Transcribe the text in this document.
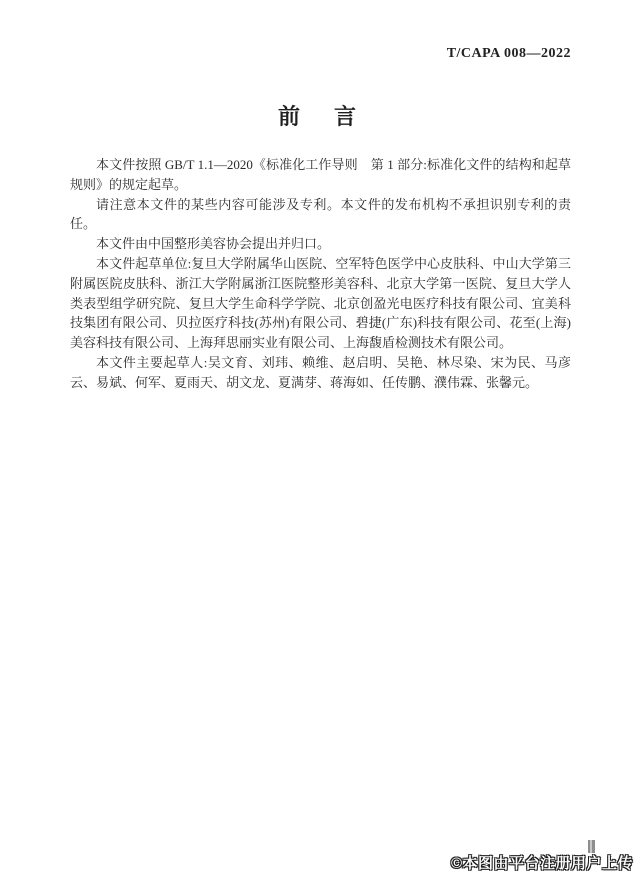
T/CAPA 008—2022
前　言

本文件按照 GB/T 1.1—2020《标准化工作导则　第 1 部分:标准化文件的结构和起草规则》的规定起草。

请注意本文件的某些内容可能涉及专利。本文件的发布机构不承担识别专利的责任。

本文件由中国整形美容协会提出并归口。

本文件起草单位:复旦大学附属华山医院、空军特色医学中心皮肤科、中山大学第三附属医院皮肤科、浙江大学附属浙江医院整形美容科、北京大学第一医院、复旦大学人类表型组学研究院、复旦大学生命科学学院、北京创盈光电医疗科技有限公司、宜美科技集团有限公司、贝拉医疗科技(苏州)有限公司、碧捷(广东)科技有限公司、花至(上海)美容科技有限公司、上海拜思丽实业有限公司、上海馥盾检测技术有限公司。

本文件主要起草人:吴文育、刘玮、赖维、赵启明、吴艳、林尽染、宋为民、马彦云、易斌、何军、夏雨天、胡文龙、夏满芽、蒋海如、任传鹏、濮伟霖、张馨元。

©本图由平台注册用户上传
